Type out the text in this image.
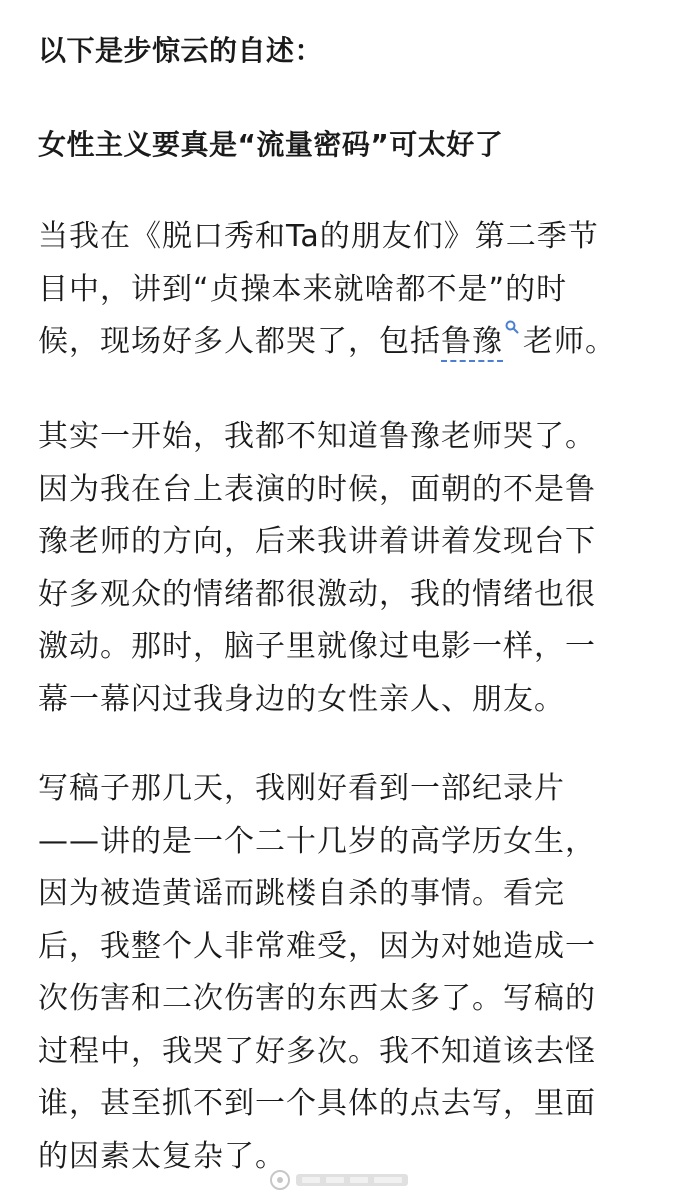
以下是步惊云的自述：
女性主义要真是“流量密码”可太好了

当我在《脱口秀和Ta的朋友们》第二季节
目中，讲到“贞操本来就啥都不是”的时
候，现场好多人都哭了，包括鲁豫 老师。

其实一开始，我都不知道鲁豫老师哭了。
因为我在台上表演的时候，面朝的不是鲁
豫老师的方向，后来我讲着讲着发现台下
好多观众的情绪都很激动，我的情绪也很
激动。那时，脑子里就像过电影一样，一
幕一幕闪过我身边的女性亲人、朋友。

写稿子那几天，我刚好看到一部纪录片
——讲的是一个二十几岁的高学历女生，
因为被造黄谣而跳楼自杀的事情。看完
后，我整个人非常难受，因为对她造成一
次伤害和二次伤害的东西太多了。写稿的
过程中，我哭了好多次。我不知道该去怪
谁，甚至抓不到一个具体的点去写，里面
的因素太复杂了。
